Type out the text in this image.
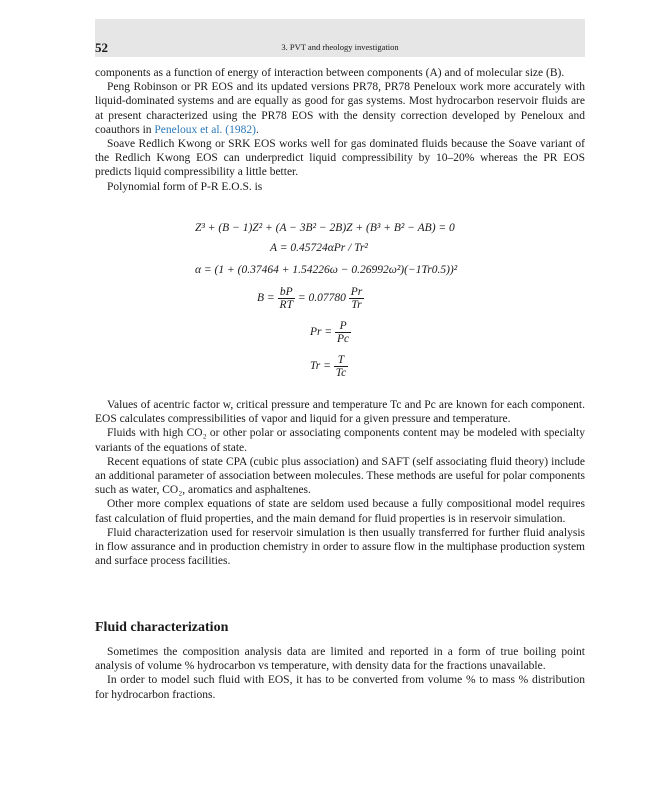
52	3. PVT and rheology investigation

components as a function of energy of interaction between components (A) and of molecular size (B).

Peng Robinson or PR EOS and its updated versions PR78, PR78 Peneloux work more accurately with liquid-dominated systems and are equally as good for gas systems. Most hydrocarbon reservoir fluids are at present characterized using the PR78 EOS with the density correction developed by Peneloux and coauthors in Peneloux et al. (1982).

Soave Redlich Kwong or SRK EOS works well for gas dominated fluids because the Soave variant of the Redlich Kwong EOS can underpredict liquid compressibility by 10–20% whereas the PR EOS predicts liquid compressibility a little better.

Polynomial form of P-R E.O.S. is

Z³ + (B − 1)Z² + (A − 3B² − 2B)Z + (B³ + B² − AB) = 0
A = 0.45724αPr / Tr²
α = (1 + (0.37464 + 1.54226ω − 0.26992ω²)(−1Tr0.5))²
$B = \frac{bP}{RT} = 0.07780 \frac{Pr}{Tr}$
$Pr = \frac{P}{Pc}$
$Tr = \frac{T}{Tc}$

Values of acentric factor w, critical pressure and temperature Tc and Pc are known for each component. EOS calculates compressibilities of vapor and liquid for a given pressure and temperature.

Fluids with high CO₂ or other polar or associating components content may be modeled with specialty variants of the equations of state.

Recent equations of state CPA (cubic plus association) and SAFT (self associating fluid theory) include an additional parameter of association between molecules. These methods are useful for polar components such as water, CO₂, aromatics and asphaltenes.

Other more complex equations of state are seldom used because a fully compositional model requires fast calculation of fluid properties, and the main demand for fluid properties is in reservoir simulation.

Fluid characterization used for reservoir simulation is then usually transferred for further fluid analysis in flow assurance and in production chemistry in order to assure flow in the multiphase production system and surface process facilities.

Fluid characterization

Sometimes the composition analysis data are limited and reported in a form of true boiling point analysis of volume % hydrocarbon vs temperature, with density data for the fractions unavailable.

In order to model such fluid with EOS, it has to be converted from volume % to mass % distribution for hydrocarbon fractions.
